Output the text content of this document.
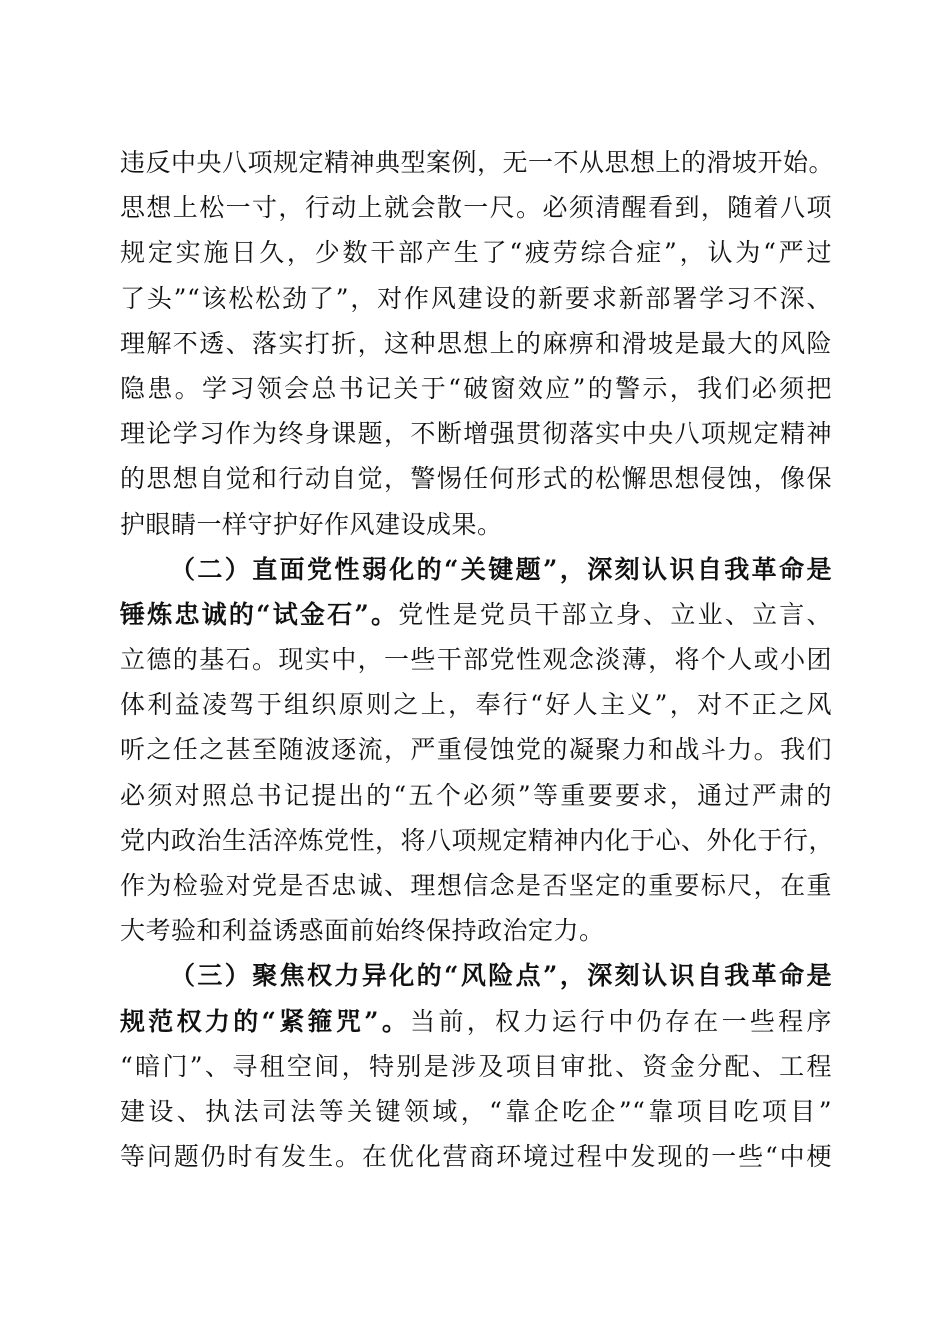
违反中央八项规定精神典型案例，无一不从思想上的滑坡开始。
思想上松一寸，行动上就会散一尺。必须清醒看到，随着八项
规定实施日久，少数干部产生了“疲劳综合症”，认为“严过
了头”“该松松劲了”，对作风建设的新要求新部署学习不深、
理解不透、落实打折，这种思想上的麻痹和滑坡是最大的风险
隐患。学习领会总书记关于“破窗效应”的警示，我们必须把
理论学习作为终身课题，不断增强贯彻落实中央八项规定精神
的思想自觉和行动自觉，警惕任何形式的松懈思想侵蚀，像保
护眼睛一样守护好作风建设成果。
（二）直面党性弱化的“关键题”，深刻认识自我革命是
锤炼忠诚的“试金石”。党性是党员干部立身、立业、立言、
立德的基石。现实中，一些干部党性观念淡薄，将个人或小团
体利益凌驾于组织原则之上，奉行“好人主义”，对不正之风
听之任之甚至随波逐流，严重侵蚀党的凝聚力和战斗力。我们
必须对照总书记提出的“五个必须”等重要要求，通过严肃的
党内政治生活淬炼党性，将八项规定精神内化于心、外化于行，
作为检验对党是否忠诚、理想信念是否坚定的重要标尺，在重
大考验和利益诱惑面前始终保持政治定力。
（三）聚焦权力异化的“风险点”，深刻认识自我革命是
规范权力的“紧箍咒”。当前，权力运行中仍存在一些程序
“暗门”、寻租空间，特别是涉及项目审批、资金分配、工程
建设、执法司法等关键领域，“靠企吃企”“靠项目吃项目”
等问题仍时有发生。在优化营商环境过程中发现的一些“中梗
